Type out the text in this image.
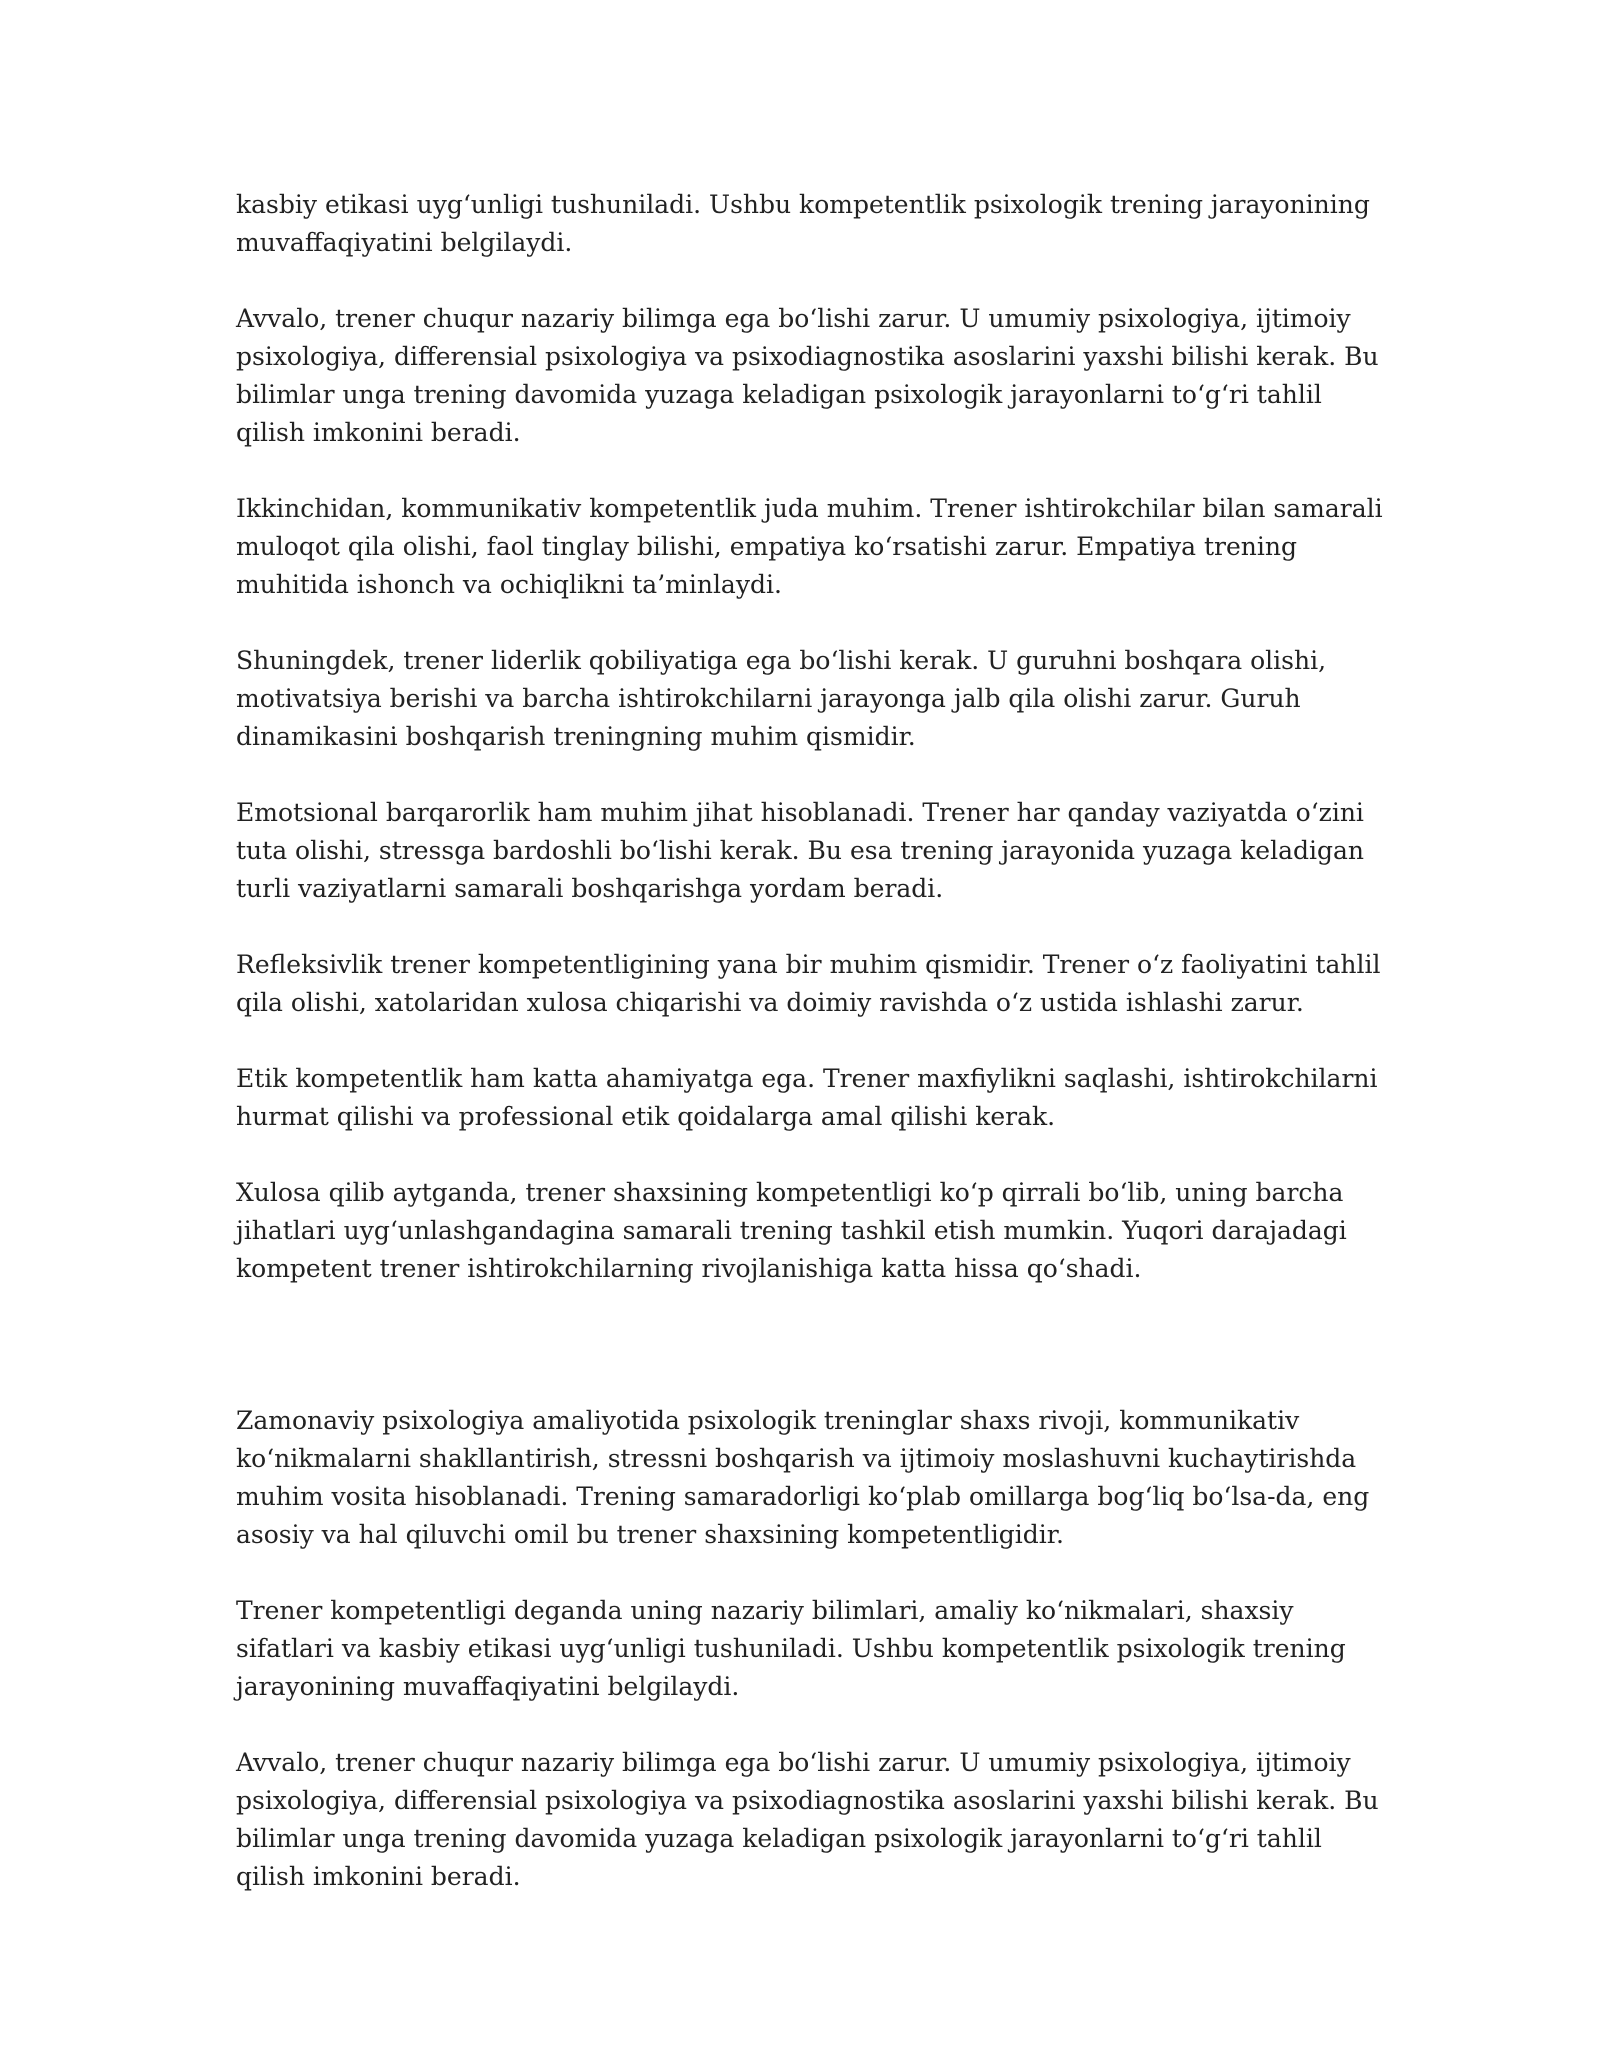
kasbiy etikasi uyg‘unligi tushuniladi. Ushbu kompetentlik psixologik trening jarayonining muvaffaqiyatini belgilaydi.

Avvalo, trener chuqur nazariy bilimga ega bo‘lishi zarur. U umumiy psixologiya, ijtimoiy psixologiya, differensial psixologiya va psixodiagnostika asoslarini yaxshi bilishi kerak. Bu bilimlar unga trening davomida yuzaga keladigan psixologik jarayonlarni to‘g‘ri tahlil qilish imkonini beradi.

Ikkinchidan, kommunikativ kompetentlik juda muhim. Trener ishtirokchilar bilan samarali muloqot qila olishi, faol tinglay bilishi, empatiya ko‘rsatishi zarur. Empatiya trening muhitida ishonch va ochiqlikni ta’minlaydi.

Shuningdek, trener liderlik qobiliyatiga ega bo‘lishi kerak. U guruhni boshqara olishi, motivatsiya berishi va barcha ishtirokchilarni jarayonga jalb qila olishi zarur. Guruh dinamikasini boshqarish treningning muhim qismidir.

Emotsional barqarorlik ham muhim jihat hisoblanadi. Trener har qanday vaziyatda o‘zini tuta olishi, stressga bardoshli bo‘lishi kerak. Bu esa trening jarayonida yuzaga keladigan turli vaziyatlarni samarali boshqarishga yordam beradi.

Refleksivlik trener kompetentligining yana bir muhim qismidir. Trener o‘z faoliyatini tahlil qila olishi, xatolaridan xulosa chiqarishi va doimiy ravishda o‘z ustida ishlashi zarur.

Etik kompetentlik ham katta ahamiyatga ega. Trener maxfiylikni saqlashi, ishtirokchilarni hurmat qilishi va professional etik qoidalarga amal qilishi kerak.

Xulosa qilib aytganda, trener shaxsining kompetentligi ko‘p qirrali bo‘lib, uning barcha jihatlari uyg‘unlashgandagina samarali trening tashkil etish mumkin. Yuqori darajadagi kompetent trener ishtirokchilarning rivojlanishiga katta hissa qo‘shadi.

Zamonaviy psixologiya amaliyotida psixologik treninglar shaxs rivoji, kommunikativ ko‘nikmalarni shakllantirish, stressni boshqarish va ijtimoiy moslashuvni kuchaytirishda muhim vosita hisoblanadi. Trening samaradorligi ko‘plab omillarga bog‘liq bo‘lsa-da, eng asosiy va hal qiluvchi omil bu trener shaxsining kompetentligidir.

Trener kompetentligi deganda uning nazariy bilimlari, amaliy ko‘nikmalari, shaxsiy sifatlari va kasbiy etikasi uyg‘unligi tushuniladi. Ushbu kompetentlik psixologik trening jarayonining muvaffaqiyatini belgilaydi.

Avvalo, trener chuqur nazariy bilimga ega bo‘lishi zarur. U umumiy psixologiya, ijtimoiy psixologiya, differensial psixologiya va psixodiagnostika asoslarini yaxshi bilishi kerak. Bu bilimlar unga trening davomida yuzaga keladigan psixologik jarayonlarni to‘g‘ri tahlil qilish imkonini beradi.
